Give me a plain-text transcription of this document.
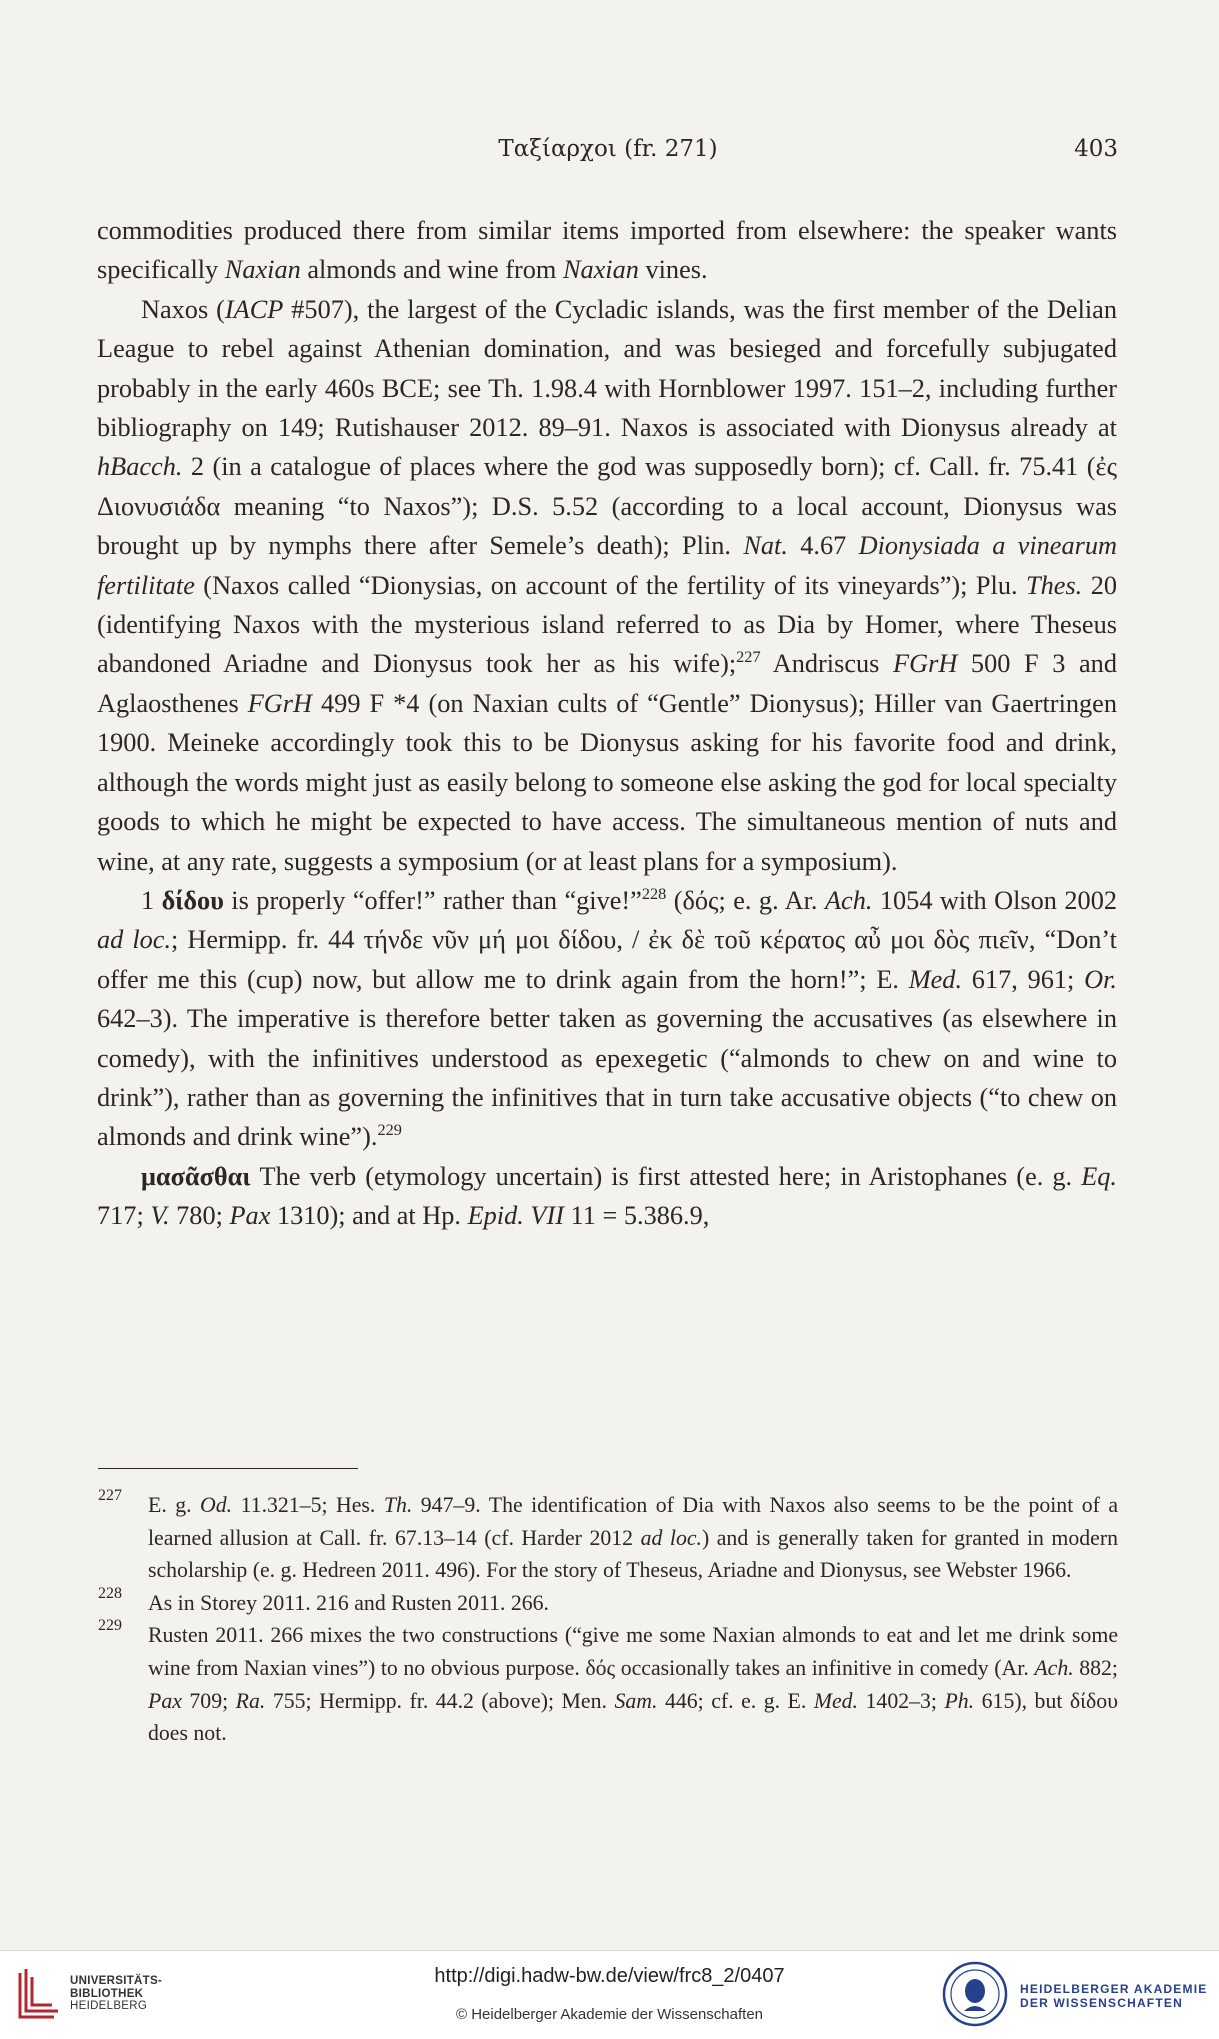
Ταξίαρχοι (fr. 271)	403

commodities produced there from similar items imported from elsewhere: the speaker wants specifically Naxian almonds and wine from Naxian vines.

Naxos (IACP #507), the largest of the Cycladic islands, was the first member of the Delian League to rebel against Athenian domination, and was besieged and forcefully subjugated probably in the early 460s BCE; see Th. 1.98.4 with Hornblower 1997. 151–2, including further bibliography on 149; Rutishauser 2012. 89–91. Naxos is associated with Dionysus already at hBacch. 2 (in a catalogue of places where the god was supposedly born); cf. Call. fr. 75.41 (ἐς Διονυσιάδα meaning “to Naxos”); D.S. 5.52 (according to a local account, Dionysus was brought up by nymphs there after Semele’s death); Plin. Nat. 4.67 Dionysiada a vinearum fertilitate (Naxos called “Dionysias, on account of the fertility of its vineyards”); Plu. Thes. 20 (identifying Naxos with the mysterious island referred to as Dia by Homer, where Theseus abandoned Ariadne and Dionysus took her as his wife);$^{227}$ Andriscus FGrH 500 F 3 and Aglaosthenes FGrH 499 F *4 (on Naxian cults of “Gentle” Dionysus); Hiller van Gaertringen 1900. Meineke accordingly took this to be Dionysus asking for his favorite food and drink, although the words might just as easily belong to someone else asking the god for local specialty goods to which he might be expected to have access. The simultaneous mention of nuts and wine, at any rate, suggests a symposium (or at least plans for a symposium).

1 δίδου is properly “offer!” rather than “give!”$^{228}$ (δός; e. g. Ar. Ach. 1054 with Olson 2002 ad loc.; Hermipp. fr. 44 τήνδε νῦν μή μοι δίδου, / ἐκ δὲ τοῦ κέρατος αὖ μοι δὸς πιεῖν, “Don’t offer me this (cup) now, but allow me to drink again from the horn!”; E. Med. 617, 961; Or. 642–3). The imperative is therefore better taken as governing the accusatives (as elsewhere in comedy), with the infinitives understood as epexegetic (“almonds to chew on and wine to drink”), rather than as governing the infinitives that in turn take accusative objects (“to chew on almonds and drink wine”).$^{229}$

μασᾶσθαι The verb (etymology uncertain) is first attested here; in Aristophanes (e. g. Eq. 717; V. 780; Pax 1310); and at Hp. Epid. VII 11 = 5.386.9,

227 E. g. Od. 11.321–5; Hes. Th. 947–9. The identification of Dia with Naxos also seems to be the point of a learned allusion at Call. fr. 67.13–14 (cf. Harder 2012 ad loc.) and is generally taken for granted in modern scholarship (e. g. Hedreen 2011. 496). For the story of Theseus, Ariadne and Dionysus, see Webster 1966.
228 As in Storey 2011. 216 and Rusten 2011. 266.
229 Rusten 2011. 266 mixes the two constructions (“give me some Naxian almonds to eat and let me drink some wine from Naxian vines”) to no obvious purpose. δός occasionally takes an infinitive in comedy (Ar. Ach. 882; Pax 709; Ra. 755; Hermipp. fr. 44.2 (above); Men. Sam. 446; cf. e. g. E. Med. 1402–3; Ph. 615), but δίδου does not.
UNIVERSITÄTS-
BIBLIOTHEK
HEIDELBERG
http://digi.hadw-bw.de/view/frc8_2/0407
© Heidelberger Akademie der Wissenschaften
HEIDELBERGER AKADEMIE
DER WISSENSCHAFTEN
